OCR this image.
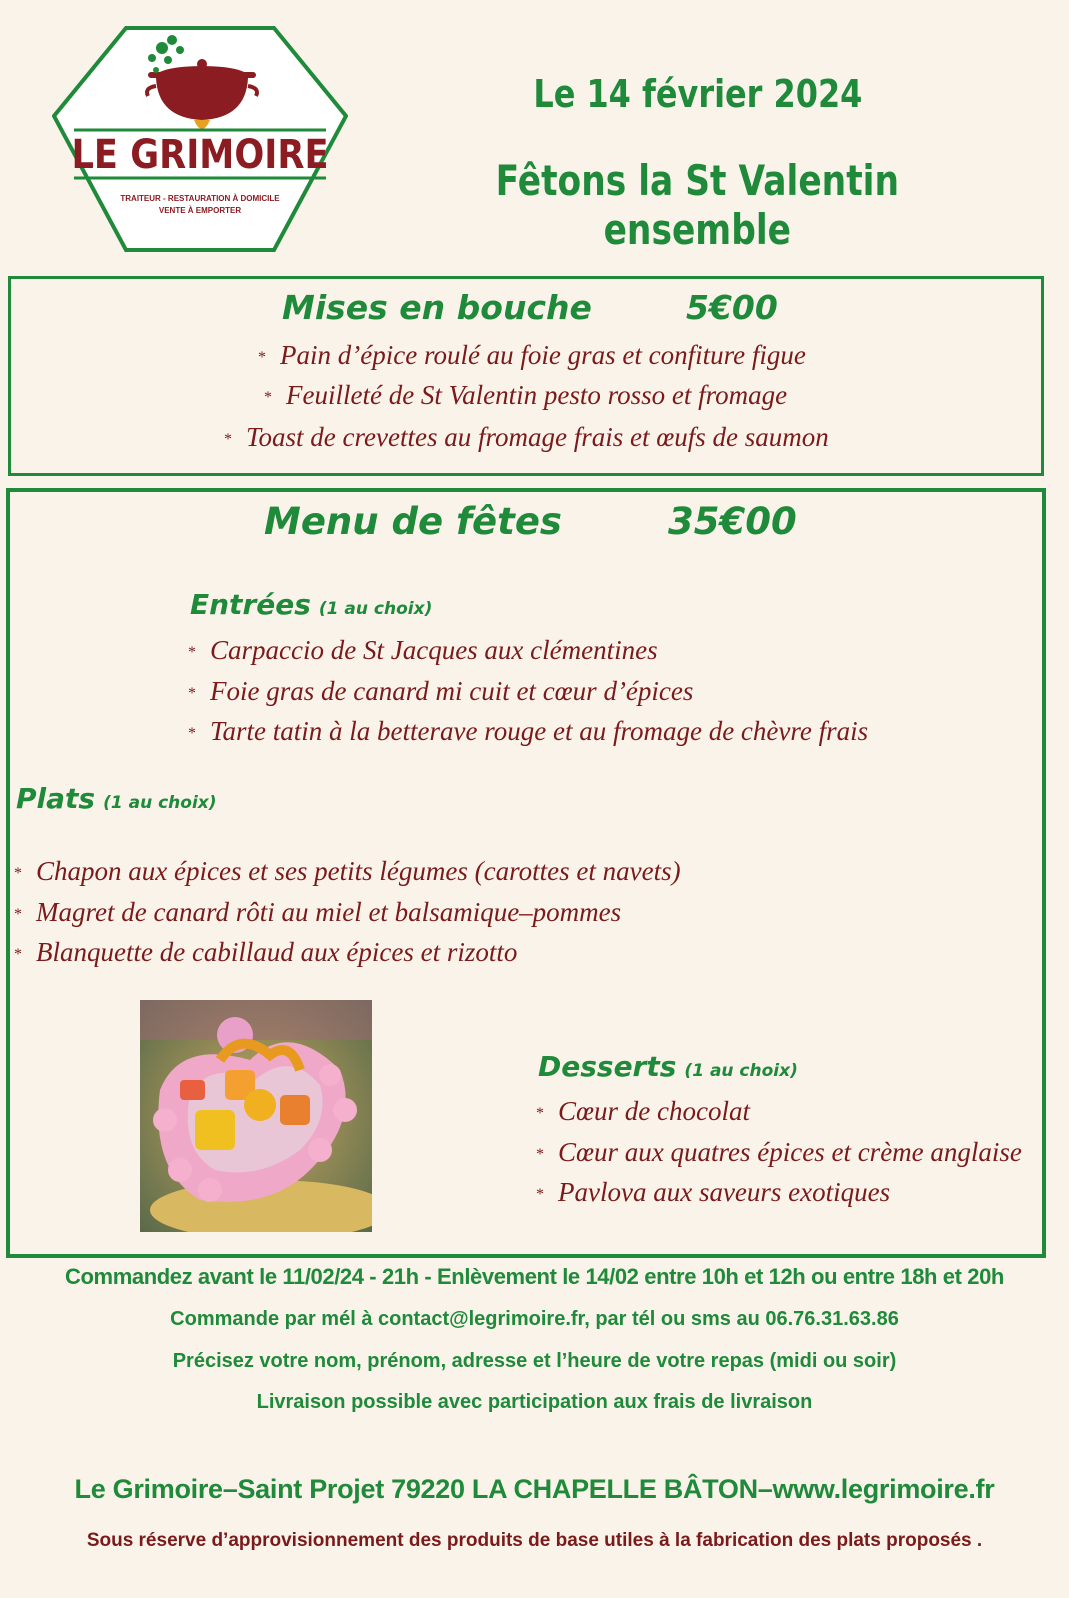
LE GRIMOIRE
TRAITEUR - RESTAURATION À DOMICILE
VENTE À EMPORTER
Le 14 février 2024
Fêtons la St Valentin ensemble
Mises en bouche	5€00
* Pain d’épice roulé au foie gras et confiture figue
* Feuilleté de St Valentin pesto rosso et fromage
* Toast de crevettes au fromage frais et œufs de saumon
Menu de fêtes	35€00
Entrées (1 au choix)
* Carpaccio de St Jacques aux clémentines
* Foie gras de canard mi cuit et cœur d’épices
* Tarte tatin à la betterave rouge et au fromage de chèvre frais
Plats (1 au choix)
* Chapon aux épices et ses petits légumes (carottes et navets)
* Magret de canard rôti au miel et balsamique–pommes
* Blanquette de cabillaud aux épices et rizotto
Desserts (1 au choix)
* Cœur de chocolat
* Cœur aux quatres épices et crème anglaise
* Pavlova aux saveurs exotiques
Commandez avant le 11/02/24 - 21h - Enlèvement le 14/02 entre 10h et 12h ou entre 18h et 20h
Commande par mél à contact@legrimoire.fr, par tél ou sms au 06.76.31.63.86
Précisez votre nom, prénom, adresse et l’heure de votre repas (midi ou soir)
Livraison possible avec participation aux frais de livraison
Le Grimoire–Saint Projet 79220 LA CHAPELLE BÂTON–www.legrimoire.fr
Sous réserve d’approvisionnement des produits de base utiles à la fabrication des plats proposés .
